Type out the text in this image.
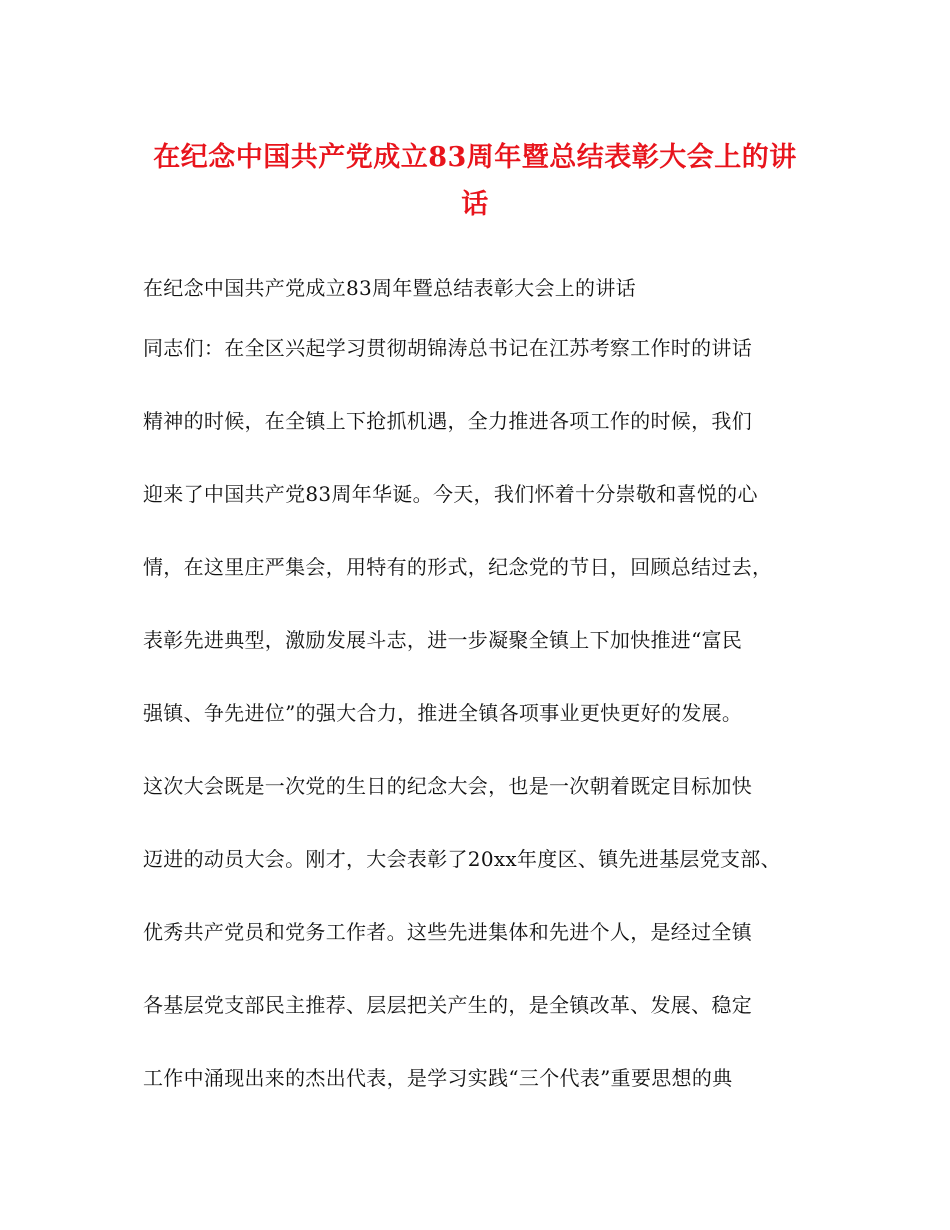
在纪念中国共产党成立83周年暨总结表彰大会上的讲
话
在纪念中国共产党成立83周年暨总结表彰大会上的讲话
同志们：在全区兴起学习贯彻胡锦涛总书记在江苏考察工作时的讲话
精神的时候，在全镇上下抢抓机遇，全力推进各项工作的时候，我们
迎来了中国共产党83周年华诞。今天，我们怀着十分崇敬和喜悦的心
情，在这里庄严集会，用特有的形式，纪念党的节日，回顾总结过去，
表彰先进典型，激励发展斗志，进一步凝聚全镇上下加快推进“富民
强镇、争先进位”的强大合力，推进全镇各项事业更快更好的发展。
这次大会既是一次党的生日的纪念大会，也是一次朝着既定目标加快
迈进的动员大会。刚才，大会表彰了20xx年度区、镇先进基层党支部、
优秀共产党员和党务工作者。这些先进集体和先进个人，是经过全镇
各基层党支部民主推荐、层层把关产生的，是全镇改革、发展、稳定
工作中涌现出来的杰出代表，是学习实践“三个代表”重要思想的典
